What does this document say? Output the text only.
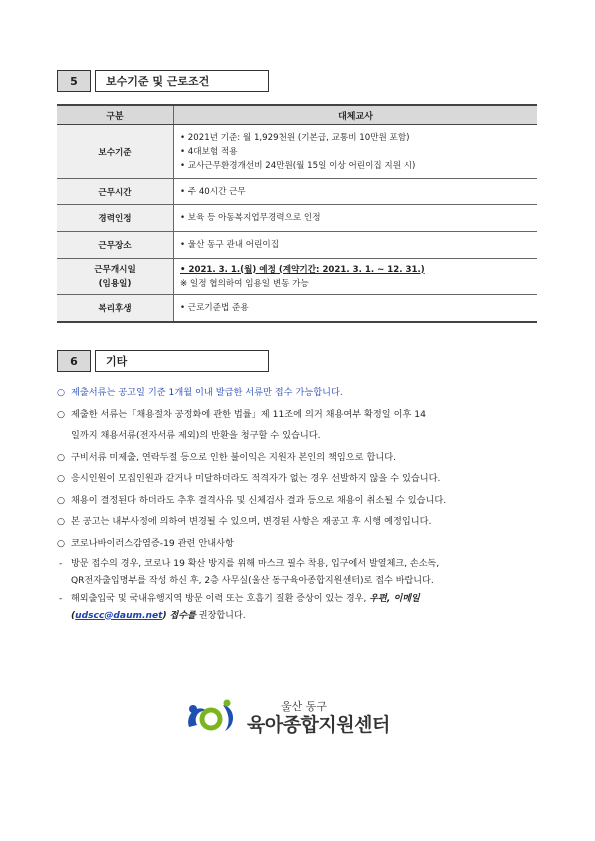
5	보수기준 및 근로조건
구분	대체교사
보수기준	• 2021년 기준: 월 1,929천원 (기본급, 교통비 10만원 포함)
• 4대보험 적용
• 교사근무환경개선비 24만원(월 15일 이상 어린이집 지원 시)

근무시간	• 주 40시간 근무
경력인정	• 보육 등 아동복지업무경력으로 인정
근무장소	• 울산 동구 관내 어린이집

근무개시일
(임용일)	• 2021. 3. 1.(월) 예정 (계약기간: 2021. 3. 1. ~ 12. 31.)
※ 일정 협의하여 임용일 변동 가능

복리후생	• 근로기준법 준용
6	기타
○ 제출서류는 공고일 기준 1개월 이내 발급한 서류만 접수 가능합니다.
○ 제출한 서류는「채용절차 공정화에 관한 법률」제 11조에 의거 채용여부 확정일 이후 14
일까지 채용서류(전자서류 제외)의 반환을 청구할 수 있습니다.
○ 구비서류 미제출, 연락두절 등으로 인한 불이익은 지원자 본인의 책임으로 합니다.
○ 응시인원이 모집인원과 같거나 미달하더라도 적격자가 없는 경우 선발하지 않을 수 있습니다.
○ 채용이 결정된다 하더라도 추후 결격사유 및 신체검사 결과 등으로 채용이 취소될 수 있습니다.
○ 본 공고는 내부사정에 의하여 변경될 수 있으며, 변경된 사항은 재공고 후 시행 예정입니다.
○ 코로나바이러스감염증-19 관련 안내사항
- 방문 접수의 경우, 코로나 19 확산 방지를 위해 마스크 필수 착용, 입구에서 발열체크, 손소독,
QR전자출입명부를 작성 하신 후, 2층 사무실(울산 동구육아종합지원센터)로 접수 바랍니다.
- 해외출입국 및 국내유행지역 방문 이력 또는 호흡기 질환 증상이 있는 경우, 우편, 이메일
(udscc@daum.net) 접수를 권장합니다.
울산 동구
육아종합지원센터
